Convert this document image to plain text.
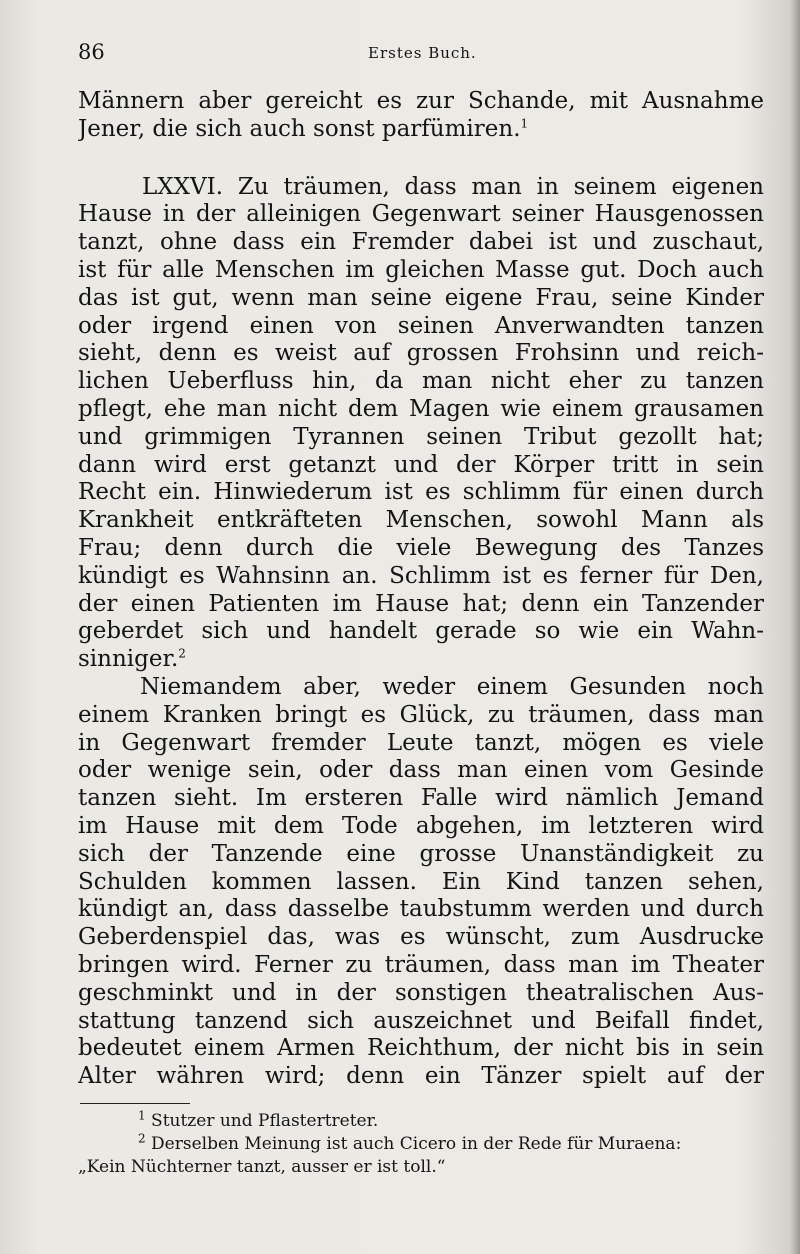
86	Erstes Buch.
Männern aber gereicht es zur Schande, mit Ausnahme
Jener, die sich auch sonst parfümiren.$^1$
LXXVI. Zu träumen, dass man in seinem eigenen
Hause in der alleinigen Gegenwart seiner Hausgenossen
tanzt, ohne dass ein Fremder dabei ist und zuschaut,
ist für alle Menschen im gleichen Masse gut. Doch auch
das ist gut, wenn man seine eigene Frau, seine Kinder
oder irgend einen von seinen Anverwandten tanzen
sieht, denn es weist auf grossen Frohsinn und reich-
lichen Ueberfluss hin, da man nicht eher zu tanzen
pflegt, ehe man nicht dem Magen wie einem grausamen
und grimmigen Tyrannen seinen Tribut gezollt hat;
dann wird erst getanzt und der Körper tritt in sein
Recht ein. Hinwiederum ist es schlimm für einen durch
Krankheit entkräfteten Menschen, sowohl Mann als
Frau; denn durch die viele Bewegung des Tanzes
kündigt es Wahnsinn an. Schlimm ist es ferner für Den,
der einen Patienten im Hause hat; denn ein Tanzender
geberdet sich und handelt gerade so wie ein Wahn-
sinniger.$^2$
Niemandem aber, weder einem Gesunden noch
einem Kranken bringt es Glück, zu träumen, dass man
in Gegenwart fremder Leute tanzt, mögen es viele
oder wenige sein, oder dass man einen vom Gesinde
tanzen sieht. Im ersteren Falle wird nämlich Jemand
im Hause mit dem Tode abgehen, im letzteren wird
sich der Tanzende eine grosse Unanständigkeit zu
Schulden kommen lassen. Ein Kind tanzen sehen,
kündigt an, dass dasselbe taubstumm werden und durch
Geberdenspiel das, was es wünscht, zum Ausdrucke
bringen wird. Ferner zu träumen, dass man im Theater
geschminkt und in der sonstigen theatralischen Aus-
stattung tanzend sich auszeichnet und Beifall findet,
bedeutet einem Armen Reichthum, der nicht bis in sein
Alter währen wird; denn ein Tänzer spielt auf der
$^1$ Stutzer und Pflastertreter.
$^2$ Derselben Meinung ist auch Cicero in der Rede für Muraena:
„Kein Nüchterner tanzt, ausser er ist toll.“
